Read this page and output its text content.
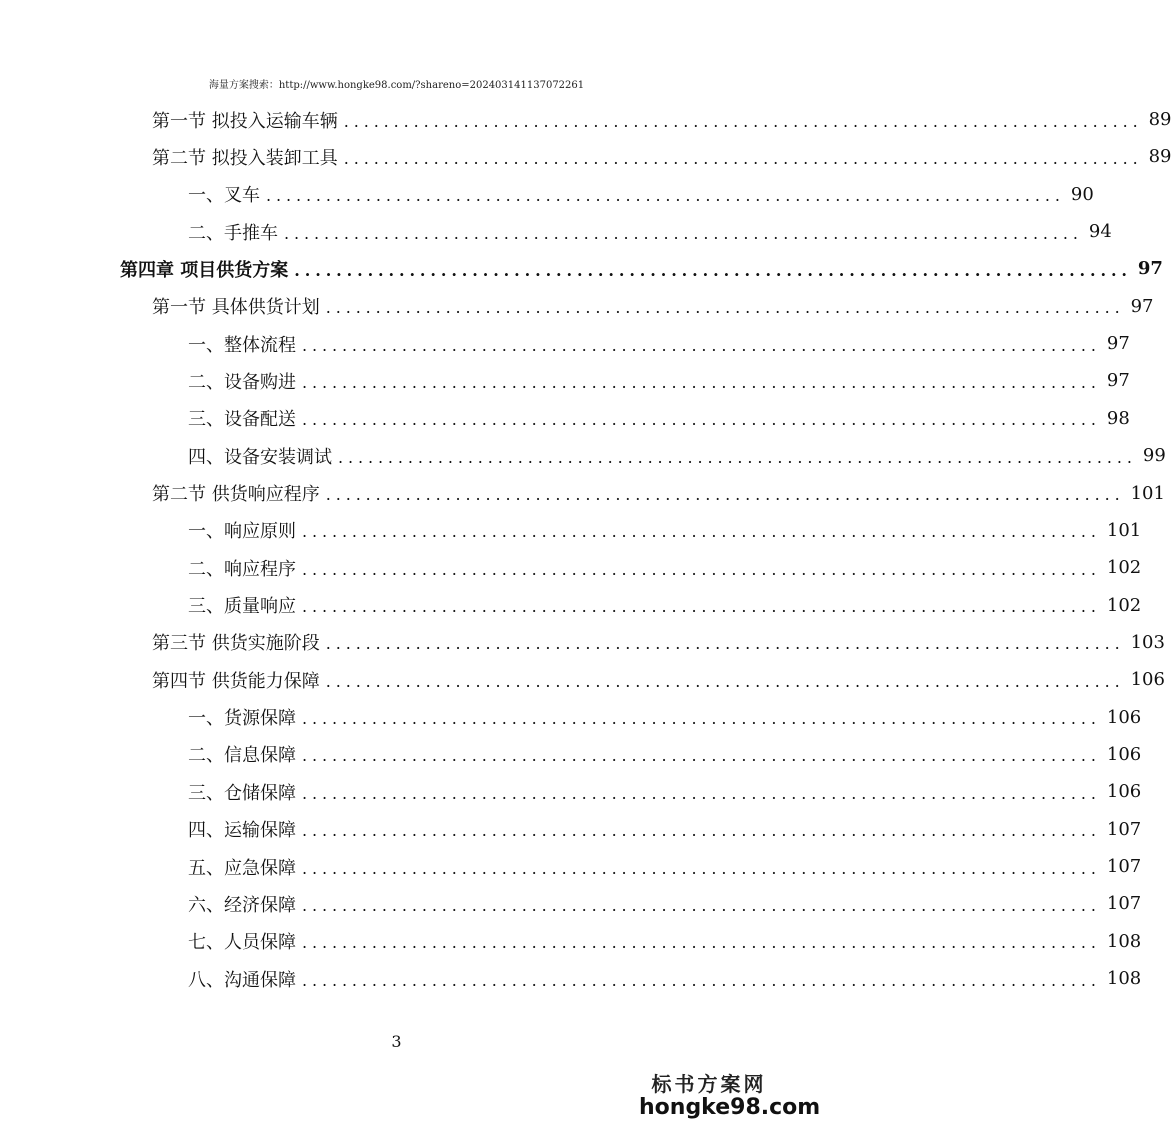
海量方案搜索：http://www.hongke98.com/?shareno=20240314113707226​1
第一节 拟投入运输车辆 ................................................................................ 89
第二节 拟投入装卸工具 ................................................................................ 89
一、叉车 ................................................................................ 90
二、手推车 ................................................................................ 94
第四章 项目供货方案 ................................................................................ 97
第一节 具体供货计划 ................................................................................ 97
一、整体流程 ................................................................................ 97
二、设备购进 ................................................................................ 97
三、设备配送 ................................................................................ 98
四、设备安装调试 ................................................................................ 99
第二节 供货响应程序 ................................................................................ 101
一、响应原则 ................................................................................ 101
二、响应程序 ................................................................................ 102
三、质量响应 ................................................................................ 102
第三节 供货实施阶段 ................................................................................ 103
第四节 供货能力保障 ................................................................................ 106
一、货源保障 ................................................................................ 106
二、信息保障 ................................................................................ 106
三、仓储保障 ................................................................................ 106
四、运输保障 ................................................................................ 107
五、应急保障 ................................................................................ 107
六、经济保障 ................................................................................ 107
七、人员保障 ................................................................................ 108
八、沟通保障 ................................................................................ 108
3
标书方案网
hongke98.com
